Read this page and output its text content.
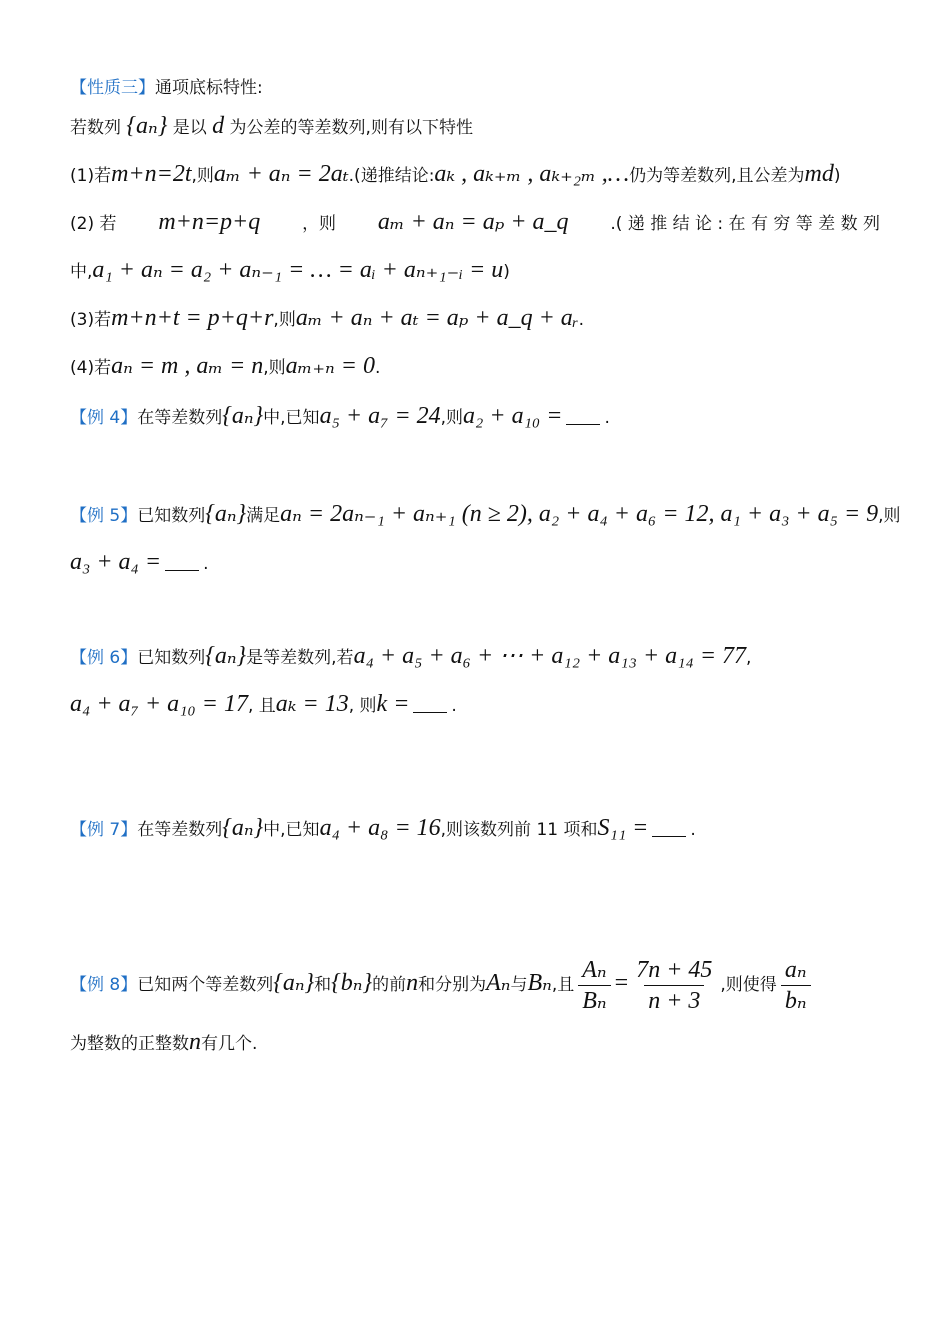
【性质三】通项底标特性:
若数列 {aₙ} 是以 d 为公差的等差数列,则有以下特性
(1)若m+n=2t,则aₘ + aₙ = 2aₜ.(递推结论:aₖ , aₖ₊ₘ , aₖ₊₂ₘ ,…仍为等差数列,且公差为md)
(2) 若 m+n=p+q ，则 aₘ + aₙ = aₚ + a_q .( 递 推 结 论 : 在 有 穷 等 差 数 列
中,a₁ + aₙ = a₂ + aₙ₋₁ = … = aᵢ + aₙ₊₁₋ᵢ = u)
(3)若m+n+t = p+q+r,则aₘ + aₙ + aₜ = aₚ + a_q + aᵣ.
(4)若aₙ = m , aₘ = n,则aₘ₊ₙ = 0.
【例 4】在等差数列{aₙ}中,已知a₅ + a₇ = 24,则a₂ + a₁₀ = .
【例 5】已知数列{aₙ}满足aₙ = 2aₙ₋₁ + aₙ₊₁ (n ≥ 2), a₂ + a₄ + a₆ = 12, a₁ + a₃ + a₅ = 9,则
a₃ + a₄ = .
【例 6】已知数列{aₙ}是等差数列,若a₄ + a₅ + a₆ + ⋯ + a₁₂ + a₁₃ + a₁₄ = 77,
a₄ + a₇ + a₁₀ = 17, 且aₖ = 13, 则k = .
【例 7】在等差数列{aₙ}中,已知a₄ + a₈ = 16,则该数列前 11 项和S₁₁ = .
【例 8】已知两个等差数列{aₙ}和{bₙ}的前n和分别为Aₙ与Bₙ,且 $\frac{\text{Aₙ}}{\text{Bₙ}} = \frac{7n + 45}{n + 3}$ ,则使得 $\frac{\text{aₙ}}{\text{bₙ}}$
为整数的正整数n有几个.
